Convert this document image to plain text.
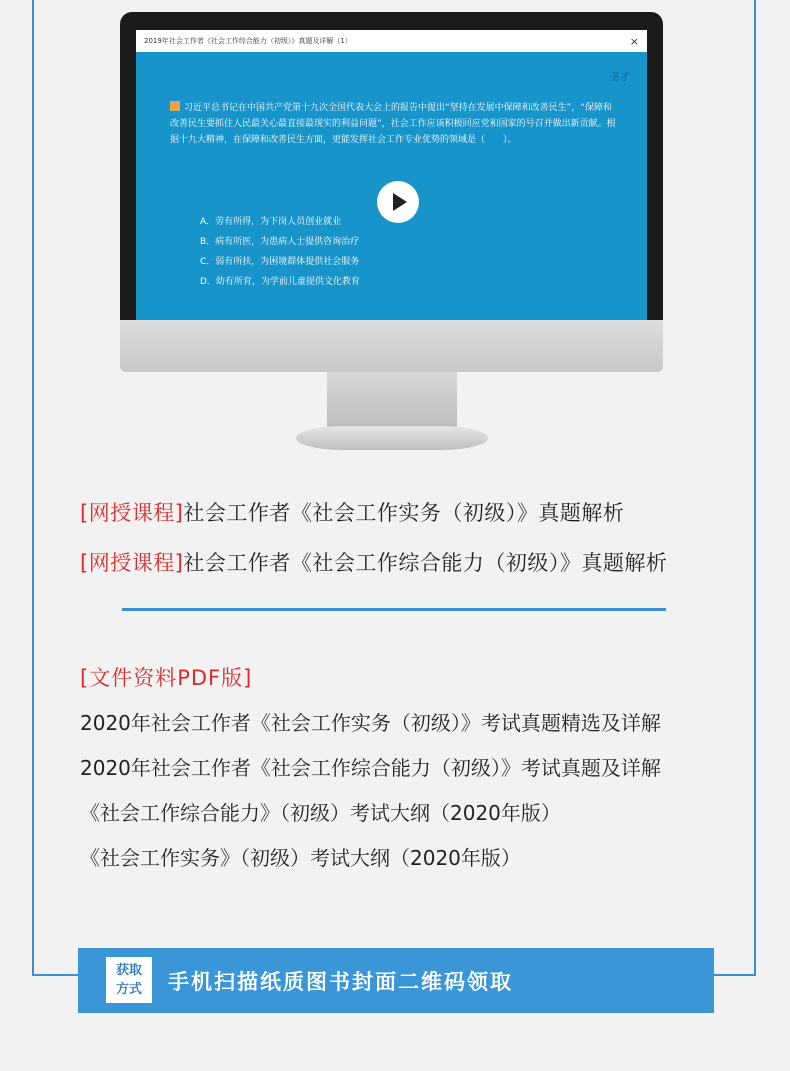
2019年社会工作者《社会工作综合能力（初级）》真题及详解（1）	×
圣才
习近平总书记在中国共产党第十九次全国代表大会上的报告中提出“坚持在发展中保障和改善民生”，“保障和改善民生要抓住人民最关心最直接最现实的利益问题”，社会工作应该积极回应党和国家的号召并做出新贡献。根据十九大精神，在保障和改善民生方面，更能发挥社会工作专业优势的领域是（　　）。
A．劳有所得，为下岗人员创业就业
B．病有所医，为患病人士提供咨询治疗
C．弱有所扶，为困境群体提供社会服务
D．幼有所育，为学前儿童提供文化教育
[网授课程]社会工作者《社会工作实务（初级）》真题解析
[网授课程]社会工作者《社会工作综合能力（初级）》真题解析
[文件资料PDF版]
2020年社会工作者《社会工作实务（初级）》考试真题精选及详解
2020年社会工作者《社会工作综合能力（初级）》考试真题及详解
《社会工作综合能力》（初级）考试大纲（2020年版）
《社会工作实务》（初级）考试大纲（2020年版）
获取
方式	手机扫描纸质图书封面二维码领取
